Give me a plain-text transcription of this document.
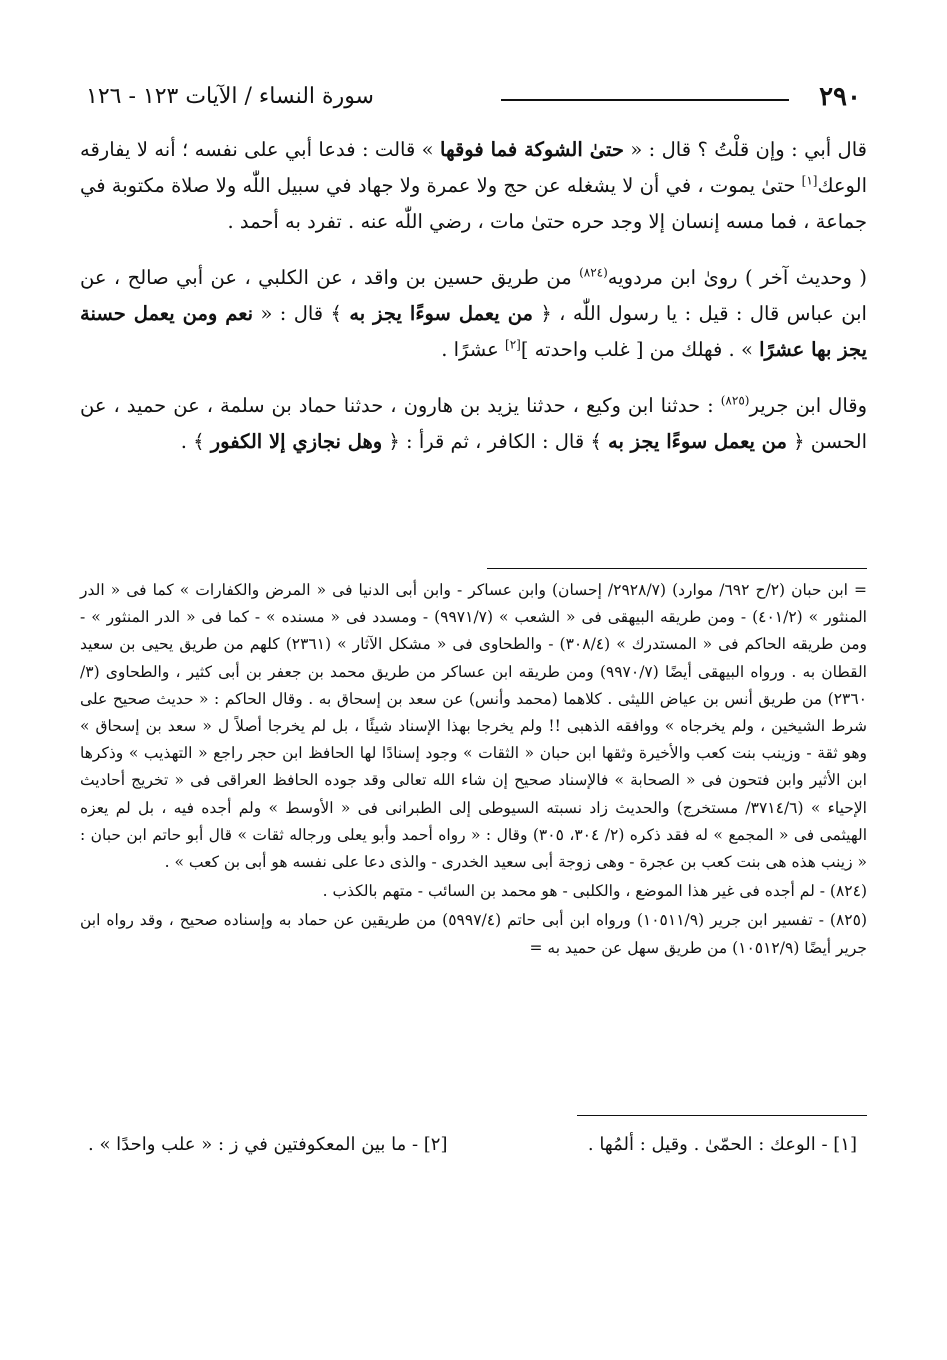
٢٩٠
سورة النساء / الآيات ١٢٣ - ١٢٦

قال أبي : وإن قلْتُ ؟ قال : « حتىٰ الشوكة فما فوقها » قالت : فدعا أبي على نفسه ؛ أنه لا يفارقه الوعك[١] حتىٰ يموت ، في أن لا يشغله عن حج ولا عمرة ولا جهاد في سبيل اللّٰه ولا صلاة مكتوبة في جماعة ، فما مسه إنسان إلا وجد حره حتىٰ مات ، رضي اللّٰه عنه . تفرد به أحمد .

( وحديث آخر ) روىٰ ابن مردويه$^{(٨٢٤)}$ من طريق حسين بن واقد ، عن الكلبي ، عن أبي صالح ، عن ابن عباس قال : قيل : يا رسول اللّٰه ، ﴿ من يعمل سوءًا يجز به ﴾ قال : « نعم ومن يعمل حسنة يجز بها عشرًا » . فهلك من [ غلب واحدته ][٢] عشرًا .

وقال ابن جرير$^{(٨٢٥)}$ : حدثنا ابن وكيع ، حدثنا يزيد بن هارون ، حدثنا حماد بن سلمة ، عن حميد ، عن الحسن ﴿ من يعمل سوءًا يجز به ﴾ قال : الكافر ، ثم قرأ : ﴿ وهل نجازي إلا الكفور ﴾ .

= ابن حبان (٢/ح ٦٩٢/ موارد) (٢٩٢٨/٧/ إحسان) وابن عساكر - وابن أبى الدنيا فى « المرض والكفارات » كما فى « الدر المنثور » (٤٠١/٢) - ومن طريقه البيهقى فى « الشعب » (٩٩٧١/٧) - ومسدد فى « مسنده » - كما فى « الدر المنثور » - ومن طريقه الحاكم فى « المستدرك » (٣٠٨/٤) - والطحاوى فى « مشكل الآثار » (٢٣٦١) كلهم من طريق يحيى بن سعيد القطان به . ورواه البيهقى أيضًا (٩٩٧٠/٧) ومن طريقه ابن عساكر من طريق محمد بن جعفر بن أبى كثير ، والطحاوى (٣/ ٢٣٦٠) من طريق أنس بن عياض الليثى . كلاهما (محمد وأنس) عن سعد بن إسحاق به . وقال الحاكم : « حديث صحيح على شرط الشيخين ، ولم يخرجاه » ووافقه الذهبى !! ولم يخرجا بهذا الإسناد شيئًا ، بل لم يخرجا أصلاً ل « سعد بن إسحاق » وهو ثقة - وزينب بنت كعب والأخيرة وثقها ابن حبان « الثقات » وجود إسنادًا لها الحافظ ابن حجر راجع « التهذيب » وذكرها ابن الأثير وابن فتحون فى « الصحابة » فالإسناد صحيح إن شاء الله تعالى وقد جوده الحافظ العراقى فى « تخريج أحاديث الإحياء » (٣٧١٤/٦/ مستخرج) والحديث زاد نسبته السيوطى إلى الطبرانى فى « الأوسط » ولم أجده فيه ، بل لم يعزه الهيثمى فى « المجمع » له فقد ذكره (٢/ ٣٠٤، ٣٠٥) وقال : « رواه أحمد وأبو يعلى ورجاله ثقات » قال أبو حاتم ابن حبان : « زينب هذه هى بنت كعب بن عجرة - وهى زوجة أبى سعيد الخدرى - والذى دعا على نفسه هو أبى بن كعب » .

(٨٢٤) - لم أجده فى غير هذا الموضع ، والكلبى - هو محمد بن السائب - متهم بالكذب .

(٨٢٥) - تفسير ابن جرير (١٠٥١١/٩) ورواه ابن أبى حاتم (٥٩٩٧/٤) من طريقين عن حماد به وإسناده صحيح ، وقد رواه ابن جرير أيضًا (١٠٥١٢/٩) من طريق سهل عن حميد به =

[١] - الوعك : الحمّىٰ . وقيل : ألمُها .
[٢] - ما بين المعكوفتين في ز : « علب واحدًا » .
